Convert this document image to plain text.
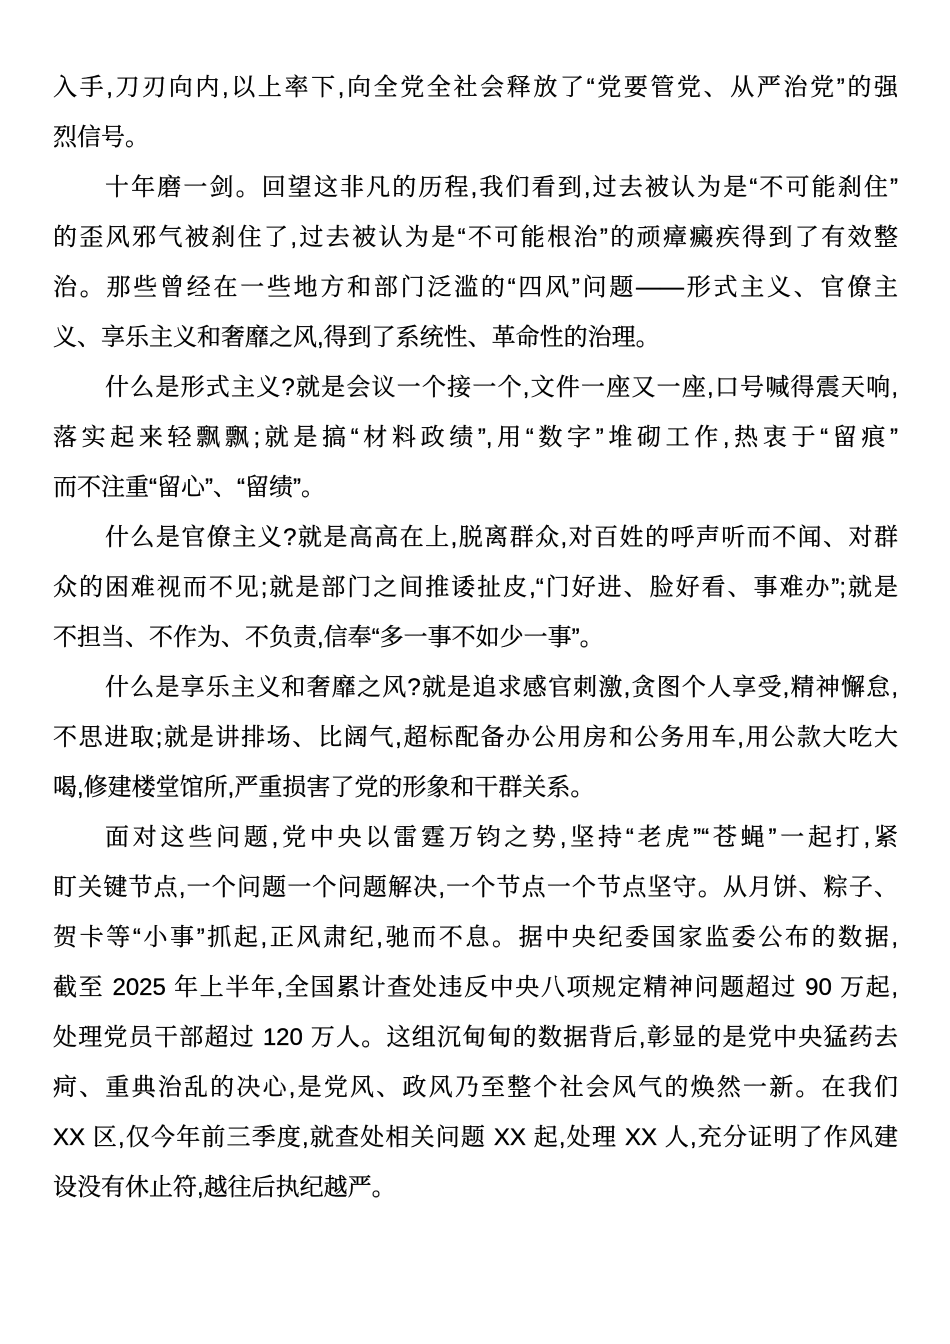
入手,刀刃向内,以上率下,向全党全社会释放了“党要管党、从严治党”的强
烈信号。
十年磨一剑。回望这非凡的历程,我们看到,过去被认为是“不可能刹住”
的歪风邪气被刹住了,过去被认为是“不可能根治”的顽瘴癜疾得到了有效整
治。那些曾经在一些地方和部门泛滥的“四风”问题——形式主义、官僚主
义、享乐主义和奢靡之风,得到了系统性、革命性的治理。
什么是形式主义?就是会议一个接一个,文件一座又一座,口号喊得震天响,
落实起来轻飘飘;就是搞“材料政绩”,用“数字”堆砌工作,热衷于“留痕”
而不注重“留心”、“留绩”。
什么是官僚主义?就是高高在上,脱离群众,对百姓的呼声听而不闻、对群
众的困难视而不见;就是部门之间推诿扯皮,“门好进、脸好看、事难办”;就是
不担当、不作为、不负责,信奉“多一事不如少一事”。
什么是享乐主义和奢靡之风?就是追求感官刺激,贪图个人享受,精神懈怠,
不思进取;就是讲排场、比阔气,超标配备办公用房和公务用车,用公款大吃大
喝,修建楼堂馆所,严重损害了党的形象和干群关系。
面对这些问题,党中央以雷霆万钧之势,坚持“老虎”“苍蝇”一起打,紧
盯关键节点,一个问题一个问题解决,一个节点一个节点坚守。从月饼、粽子、
贺卡等“小事”抓起,正风肃纪,驰而不息。据中央纪委国家监委公布的数据,
截至 2025 年上半年,全国累计查处违反中央八项规定精神问题超过 90 万起,
处理党员干部超过 120 万人。这组沉甸甸的数据背后,彰显的是党中央猛药去
疴、重典治乱的决心,是党风、政风乃至整个社会风气的焕然一新。在我们
XX 区,仅今年前三季度,就查处相关问题 XX 起,处理 XX 人,充分证明了作风建
设没有休止符,越往后执纪越严。
